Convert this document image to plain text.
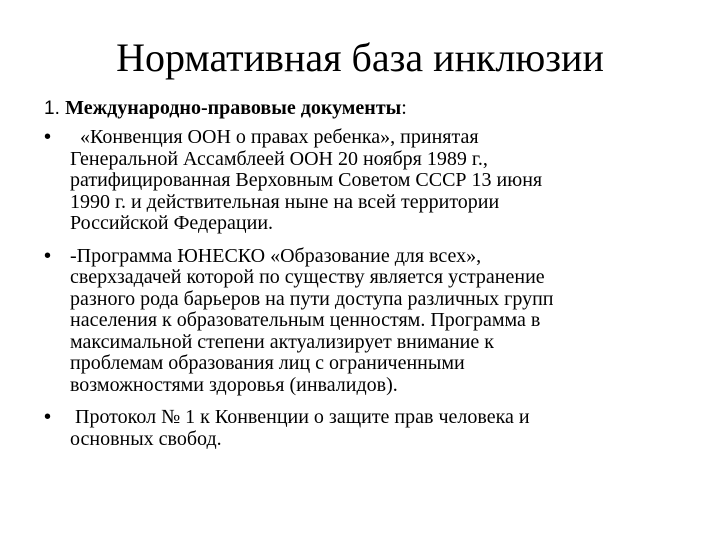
Нормативная база инклюзии
1. Международно-правовые документы:
• «Конвенция ООН о правах ребенка», принятая
Генеральной Ассамблеей ООН 20 ноября 1989 г.,
ратифицированная Верховным Советом СССР 13 июня
1990 г. и действительная ныне на всей территории
Российской Федерации.
• -Программа ЮНЕСКО «Образование для всех»,
сверхзадачей которой по существу является устранение
разного рода барьеров на пути доступа различных групп
населения к образовательным ценностям. Программа в
максимальной степени актуализирует внимание к
проблемам образования лиц с ограниченными
возможностями здоровья (инвалидов).
• Протокол № 1 к Конвенции о защите прав человека и
основных свобод.
